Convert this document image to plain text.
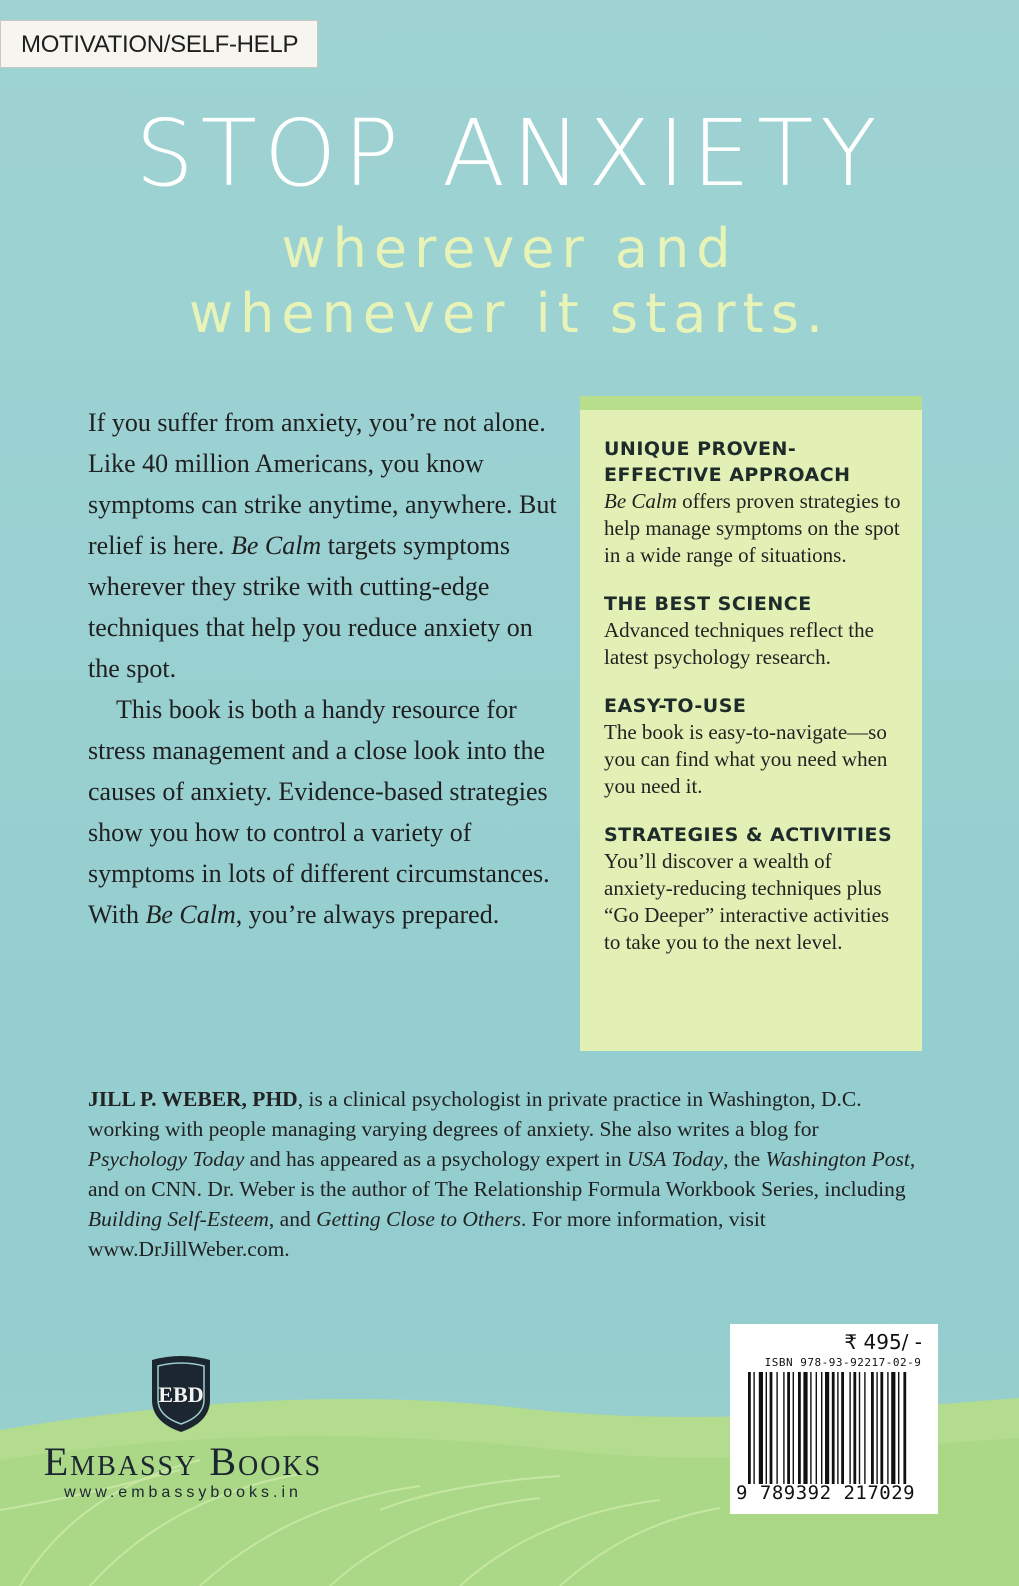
MOTIVATION/SELF-HELP
STOP ANXIETY
wherever and
whenever it starts.

If you suffer from anxiety, you’re not alone. Like 40 million Americans, you know symptoms can strike anytime, anywhere. But relief is here. Be Calm targets symptoms wherever they strike with cutting-edge techniques that help you reduce anxiety on the spot.

This book is both a handy resource for stress management and a close look into the causes of anxiety. Evidence-based strategies show you how to control a variety of symptoms in lots of different circumstances. With Be Calm, you’re always prepared.

UNIQUE PROVEN-EFFECTIVE APPROACH

Be Calm offers proven strategies to help manage symptoms on the spot in a wide range of situations.

THE BEST SCIENCE

Advanced techniques reflect the latest psychology research.

EASY-TO-USE

The book is easy-to-navigate—so you can find what you need when you need it.

STRATEGIES & ACTIVITIES

You’ll discover a wealth of anxiety-reducing techniques plus “Go Deeper” interactive activities to take you to the next level.

JILL P. WEBER, PHD, is a clinical psychologist in private practice in Washington, D.C. working with people managing varying degrees of anxiety. She also writes a blog for Psychology Today and has appeared as a psychology expert in USA Today, the Washington Post, and on CNN. Dr. Weber is the author of The Relationship Formula Workbook Series, including Building Self-Esteem, and Getting Close to Others. For more information, visit www.DrJillWeber.com.
EBD
Embassy Books
www.embassybooks.in
₹ 495/ -
ISBN 978-93-92217-02-9
9 789392 217029
